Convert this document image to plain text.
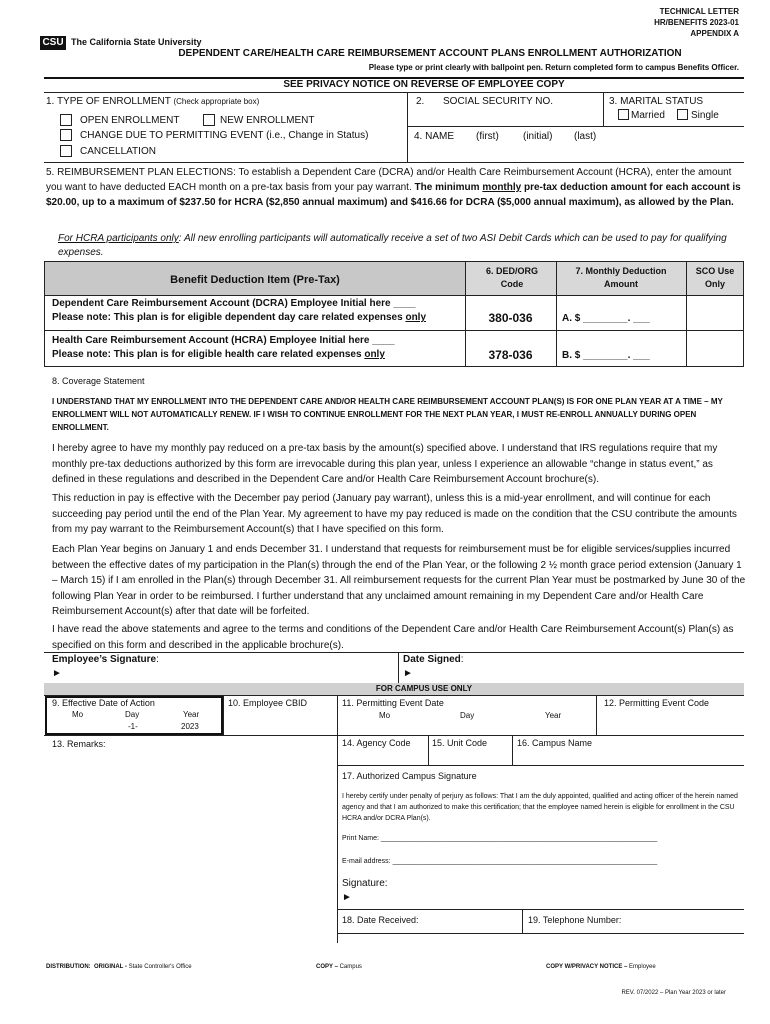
CSU The California State University
TECHNICAL LETTER
HR/BENEFITS 2023-01
APPENDIX A
DEPENDENT CARE/HEALTH CARE REIMBURSEMENT ACCOUNT PLANS ENROLLMENT AUTHORIZATION
Please type or print clearly with ballpoint pen. Return completed form to campus Benefits Officer.
SEE PRIVACY NOTICE ON REVERSE OF EMPLOYEE COPY
1. TYPE OF ENROLLMENT (Check appropriate box)
OPEN ENROLLMENT	NEW ENROLLMENT
CHANGE DUE TO PERMITTING EVENT (i.e., Change in Status)
CANCELLATION
2. SOCIAL SECURITY NO.	3. MARITAL STATUS
Married	Single
4. NAME (first) (initial) (last)
5. REIMBURSEMENT PLAN ELECTIONS: To establish a Dependent Care (DCRA) and/or Health Care Reimbursement Account (HCRA), enter the amount you want to have deducted EACH month on a pre-tax basis from your pay warrant. The minimum monthly pre-tax deduction amount for each account is $20.00, up to a maximum of $237.50 for HCRA ($2,850 annual maximum) and $416.66 for DCRA ($5,000 annual maximum), as allowed by the Plan.
For HCRA participants only: All new enrolling participants will automatically receive a set of two ASI Debit Cards which can be used to pay for qualifying expenses.
Benefit Deduction Item (Pre-Tax)
6. DED/ORG Code
7. Monthly Deduction Amount
SCO Use Only
Dependent Care Reimbursement Account (DCRA) Employee Initial here ____
Please note: This plan is for eligible dependent day care related expenses only	380-036	A. $ ________. ___
Health Care Reimbursement Account (HCRA) Employee Initial here ____
Please note: This plan is for eligible health care related expenses only	378-036	B. $ ________. ___
8. Coverage Statement
I UNDERSTAND THAT MY ENROLLMENT INTO THE DEPENDENT CARE AND/OR HEALTH CARE REIMBURSEMENT ACCOUNT PLAN(S) IS FOR ONE PLAN YEAR AT A TIME – MY ENROLLMENT WILL NOT AUTOMATICALLY RENEW. IF I WISH TO CONTINUE ENROLLMENT FOR THE NEXT PLAN YEAR, I MUST RE-ENROLL ANNUALLY DURING OPEN ENROLLMENT.
I hereby agree to have my monthly pay reduced on a pre-tax basis by the amount(s) specified above. I understand that IRS regulations require that my monthly pre-tax deductions authorized by this form are irrevocable during this plan year, unless I experience an allowable “change in status event,” as defined in these regulations and described in the Dependent Care and/or Health Care Reimbursement Account brochure(s).
This reduction in pay is effective with the December pay period (January pay warrant), unless this is a mid-year enrollment, and will continue for each succeeding pay period until the end of the Plan Year. My agreement to have my pay reduced is made on the condition that the CSU contribute the amounts from my pay warrant to the Reimbursement Account(s) that I have specified on this form.
Each Plan Year begins on January 1 and ends December 31. I understand that requests for reimbursement must be for eligible services/supplies incurred between the effective dates of my participation in the Plan(s) through the end of the Plan Year, or the following 2 ½ month grace period extension (January 1 – March 15) if I am enrolled in the Plan(s) through December 31. All reimbursement requests for the current Plan Year must be postmarked by June 30 of the following Plan Year in order to be reimbursed. I further understand that any unclaimed amount remaining in my Dependent Care and/or Health Care Reimbursement Account(s) after that date will be forfeited.
I have read the above statements and agree to the terms and conditions of the Dependent Care and/or Health Care Reimbursement Account(s) Plan(s) as specified on this form and described in the applicable brochure(s).
Employee’s Signature:
►
Date Signed:
►
FOR CAMPUS USE ONLY
9. Effective Date of Action
Mo	Day	Year
-1-	2023
10. Employee CBID	11. Permitting Event Date
Mo	Day	Year
12. Permitting Event Code
13. Remarks:	14. Agency Code 15. Unit Code	16. Campus Name
17. Authorized Campus Signature
I hereby certify under penalty of perjury as follows: That I am the duly appointed, qualified and acting officer of the herein named agency and that I am authorized to make this certification; that the employee named herein is eligible for enrollment in the CSU HCRA and/or DCRA Plan(s).
Print Name: _______________________________________________________________________
E-mail address: ____________________________________________________________________
Signature:
►
18. Date Received:	19. Telephone Number:
DISTRIBUTION: ORIGINAL - State Controller's Office	COPY – Campus	COPY W/PRIVACY NOTICE – Employee
REV. 07/2022 – Plan Year 2023 or later
